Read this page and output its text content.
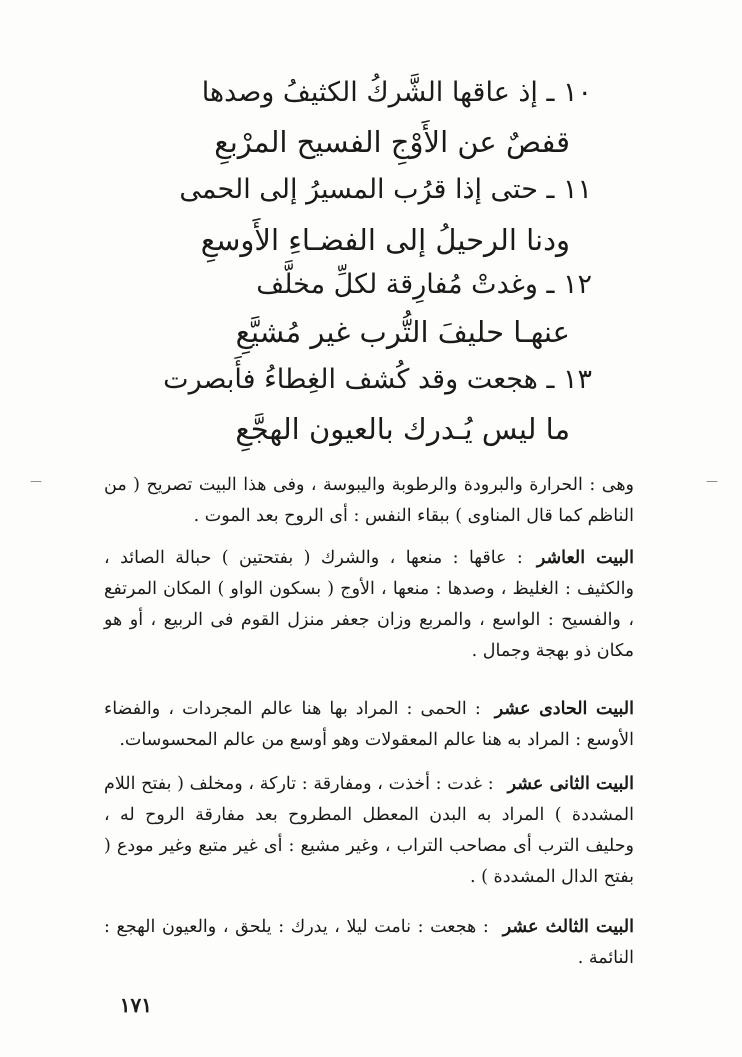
١٠ ـ إذ عاقها الشَّركُ الكثيفُ وصدها
قفصٌ عن الأَوْجِ الفسيح المرْبعِ
١١ ـ حتى إذا قرُب المسيرُ إلى الحمى
ودنا الرحيلُ إلى الفضـاءِ الأَوسعِ
١٢ ـ وغدتْ مُفارِقة لكلِّ مخلَّف
عنهـا حليفَ التُّرب غير مُشيَّعِ
١٣ ـ هجعت وقد كُشف الغِطاءُ فأَبصرت
ما ليس يُـدرك بالعيون الهجَّعِ
وهى : الحرارة والبرودة والرطوبة واليبوسة ، وفى هذا البيت تصريح ( من الناظم كما قال المناوى ) ببقاء النفس : أى الروح بعد الموت .
البيت العاشر: عاقها : منعها ، والشرك ( بفتحتين ) حبالة الصائد ، والكثيف : الغليظ ، وصدها : منعها ، الأوج ( بسكون الواو ) المكان المرتفع ، والفسيح : الواسع ، والمربع وزان جعفر منزل القوم فى الربيع ، أو هو مكان ذو بهجة وجمال .
البيت الحادى عشر: الحمى : المراد بها هنا عالم المجردات ، والفضاء الأوسع : المراد به هنا عالم المعقولات وهو أوسع من عالم المحسوسات.
البيت الثانى عشر: غدت : أخذت ، ومفارقة : تاركة ، ومخلف ( بفتح اللام المشددة ) المراد به البدن المعطل المطروح بعد مفارقة الروح له ، وحليف الترب أى مصاحب التراب ، وغير مشيع : أى غير متبع وغير مودع ( بفتح الدال المشددة ) .
البيت الثالث عشر: هجعت : نامت ليلا ، يدرك : يلحق ، والعيون الهجع : النائمة .
١٧١
—	—
